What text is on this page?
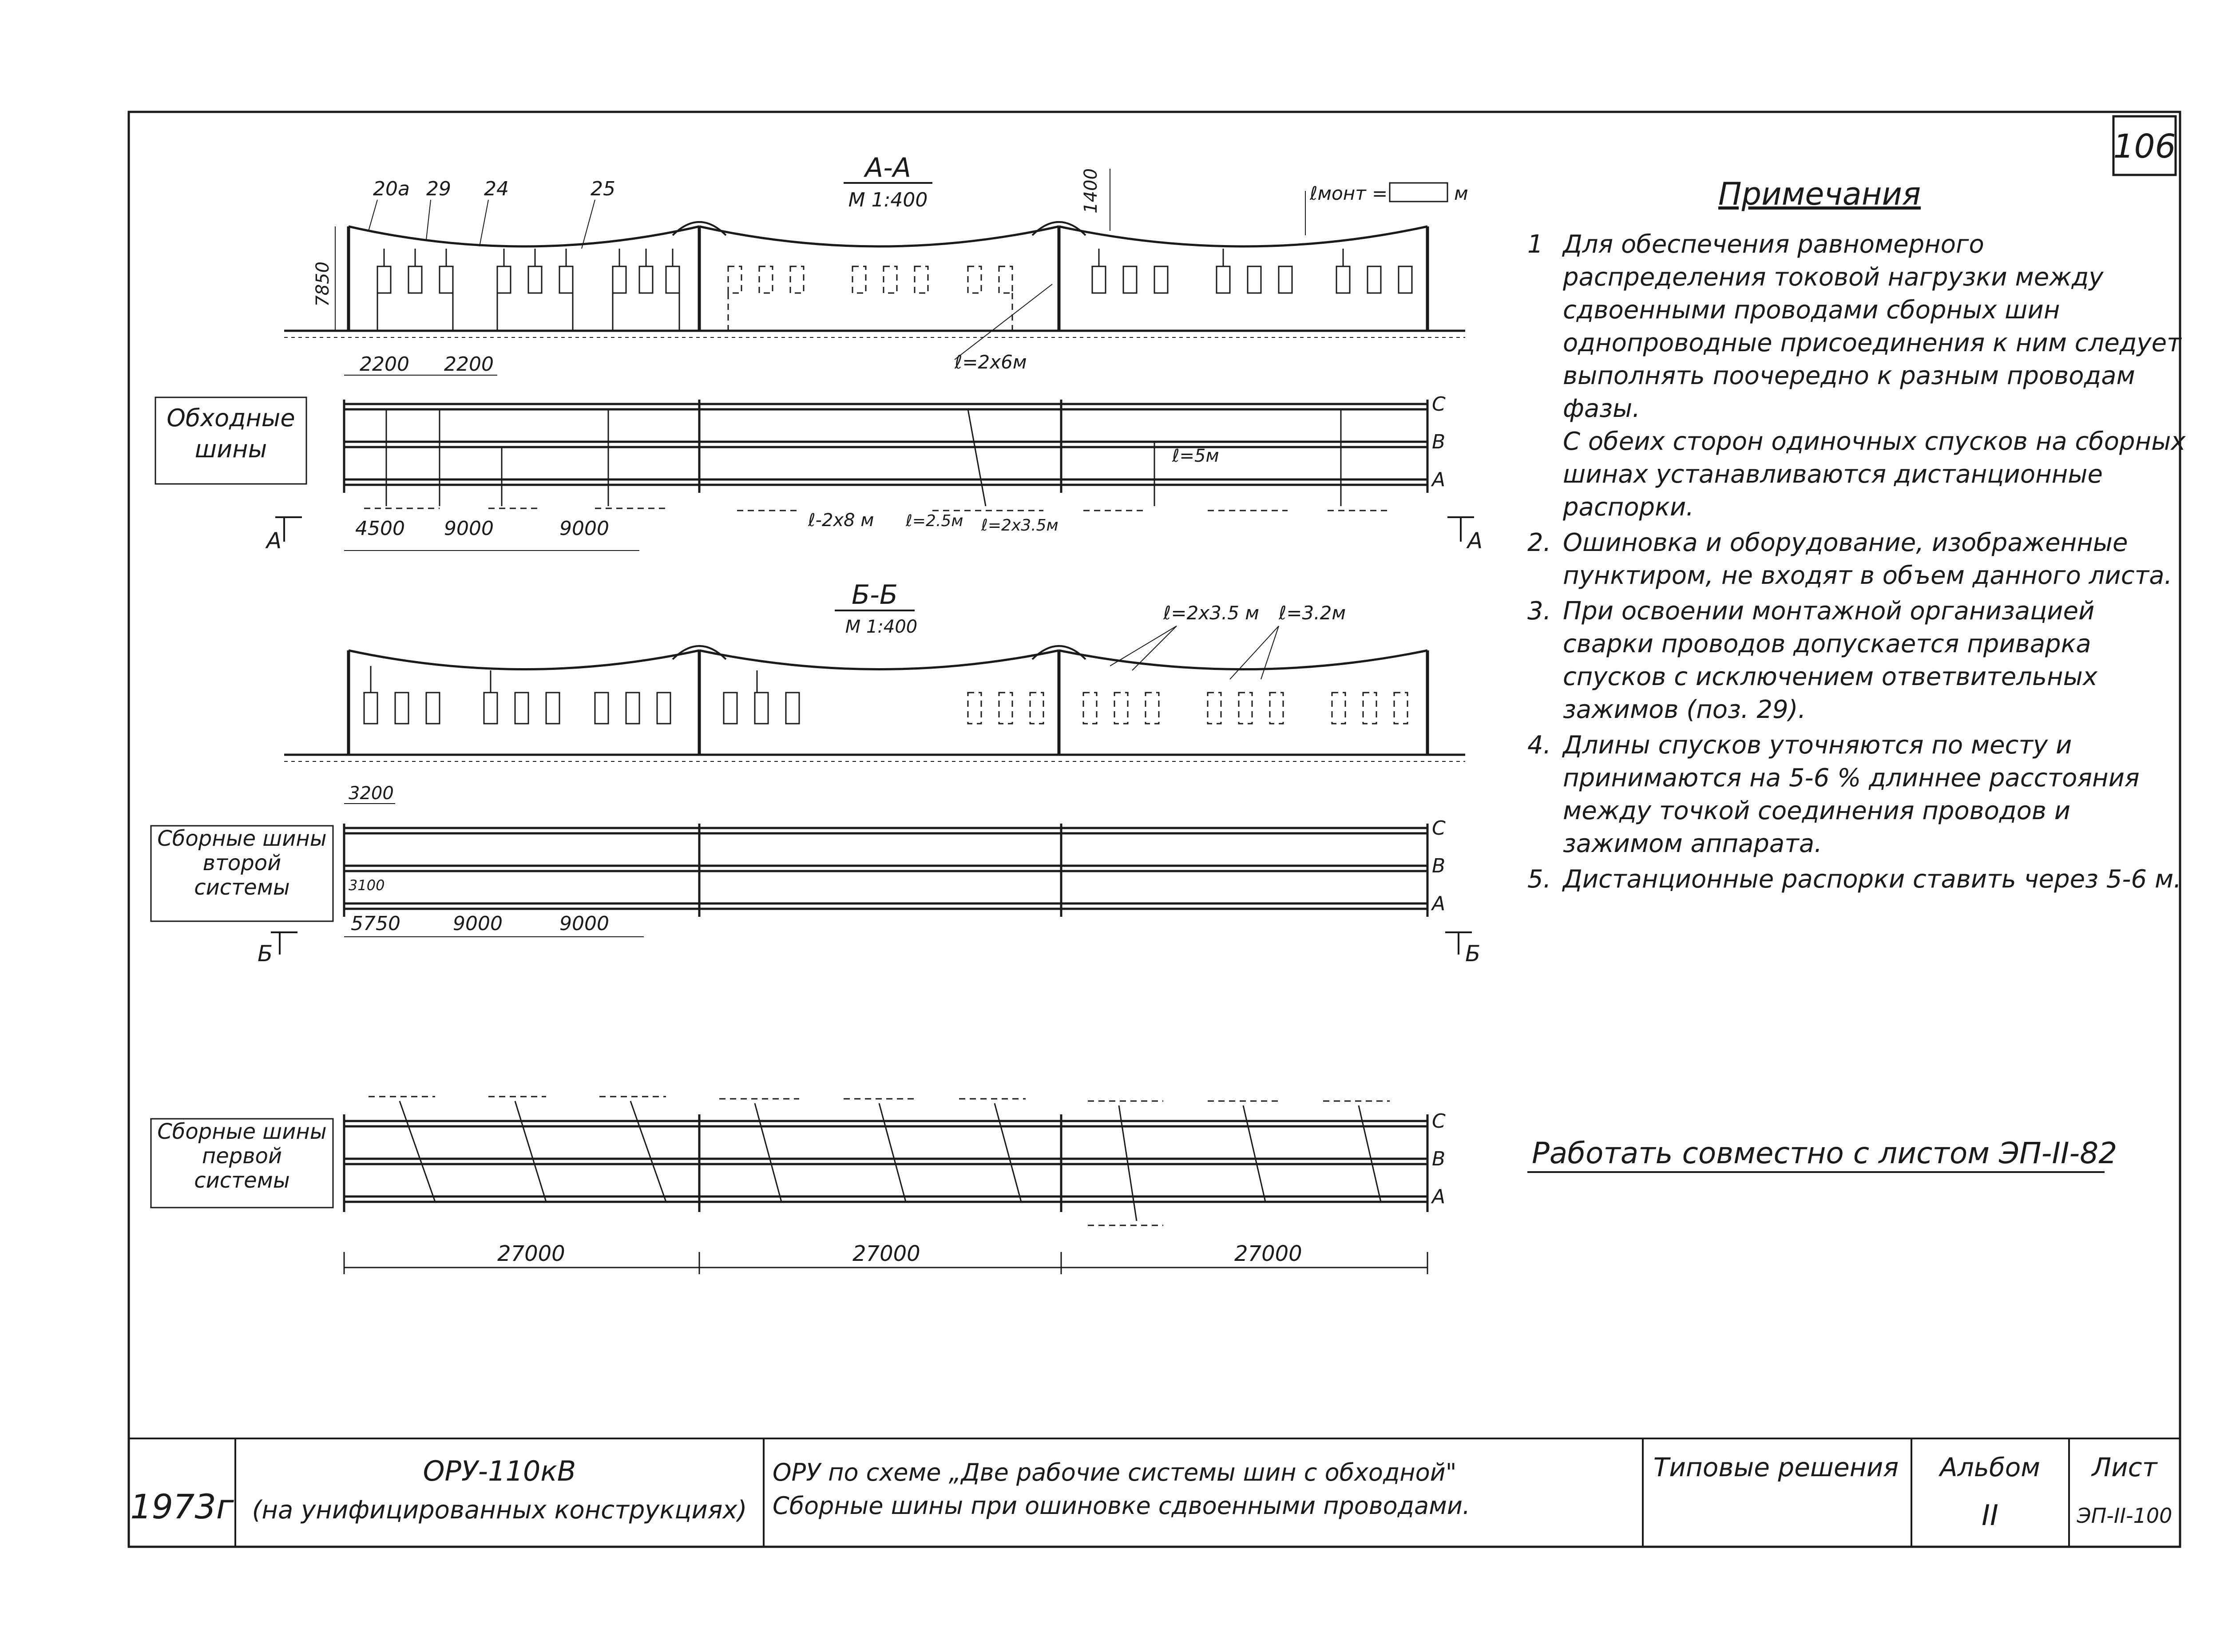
106
А-А
М 1:400
20а 29 24	25
7850
1400	ℓмонт =	м
ℓ=2х6м
Обходные
шины
2200 2200
С
В
А
ℓ=5м
ℓ-2х8 м ℓ=2.5м ℓ=2х3.5м
4500 9000	9000
А	А
Б-Б
М 1:400
ℓ=2х3.5 м ℓ=3.2м
Сборные шины
второй
системы
С
В
А
3200
3100
5750	9000	9000
Б	Б
Сборные шины
первой
системы
С
В
А
27000	27000	27000
Работать совместно с листом ЭП-II-82
1973г
ОРУ-110кВ
(на унифицированных конструкциях)
ОРУ по схеме „Две рабочие системы шин с обходной"
Сборные шины при ошиновке сдвоенными проводами.
Типовые решения Альбом
II
Лист
ЭП-II-100
Примечания
1 Для обеспечения равномерного распределения токовой нагрузки между сдвоенными проводами сборных шин однопроводные присоединения к ним следует выполнять поочередно к разным проводам фазы.
С обеих сторон одиночных спусков на сборных шинах устанавливаются дистанционные распорки.
2. Ошиновка и оборудование, изображенные пунктиром, не входят в объем данного листа.
3. При освоении монтажной организацией сварки проводов допускается приварка спусков с исключением ответвительных зажимов (поз. 29).
4. Длины спусков уточняются по месту и принимаются на 5-6 % длиннее расстояния между точкой соединения проводов и зажимом аппарата.
5. Дистанционные распорки ставить через 5-6 м.
